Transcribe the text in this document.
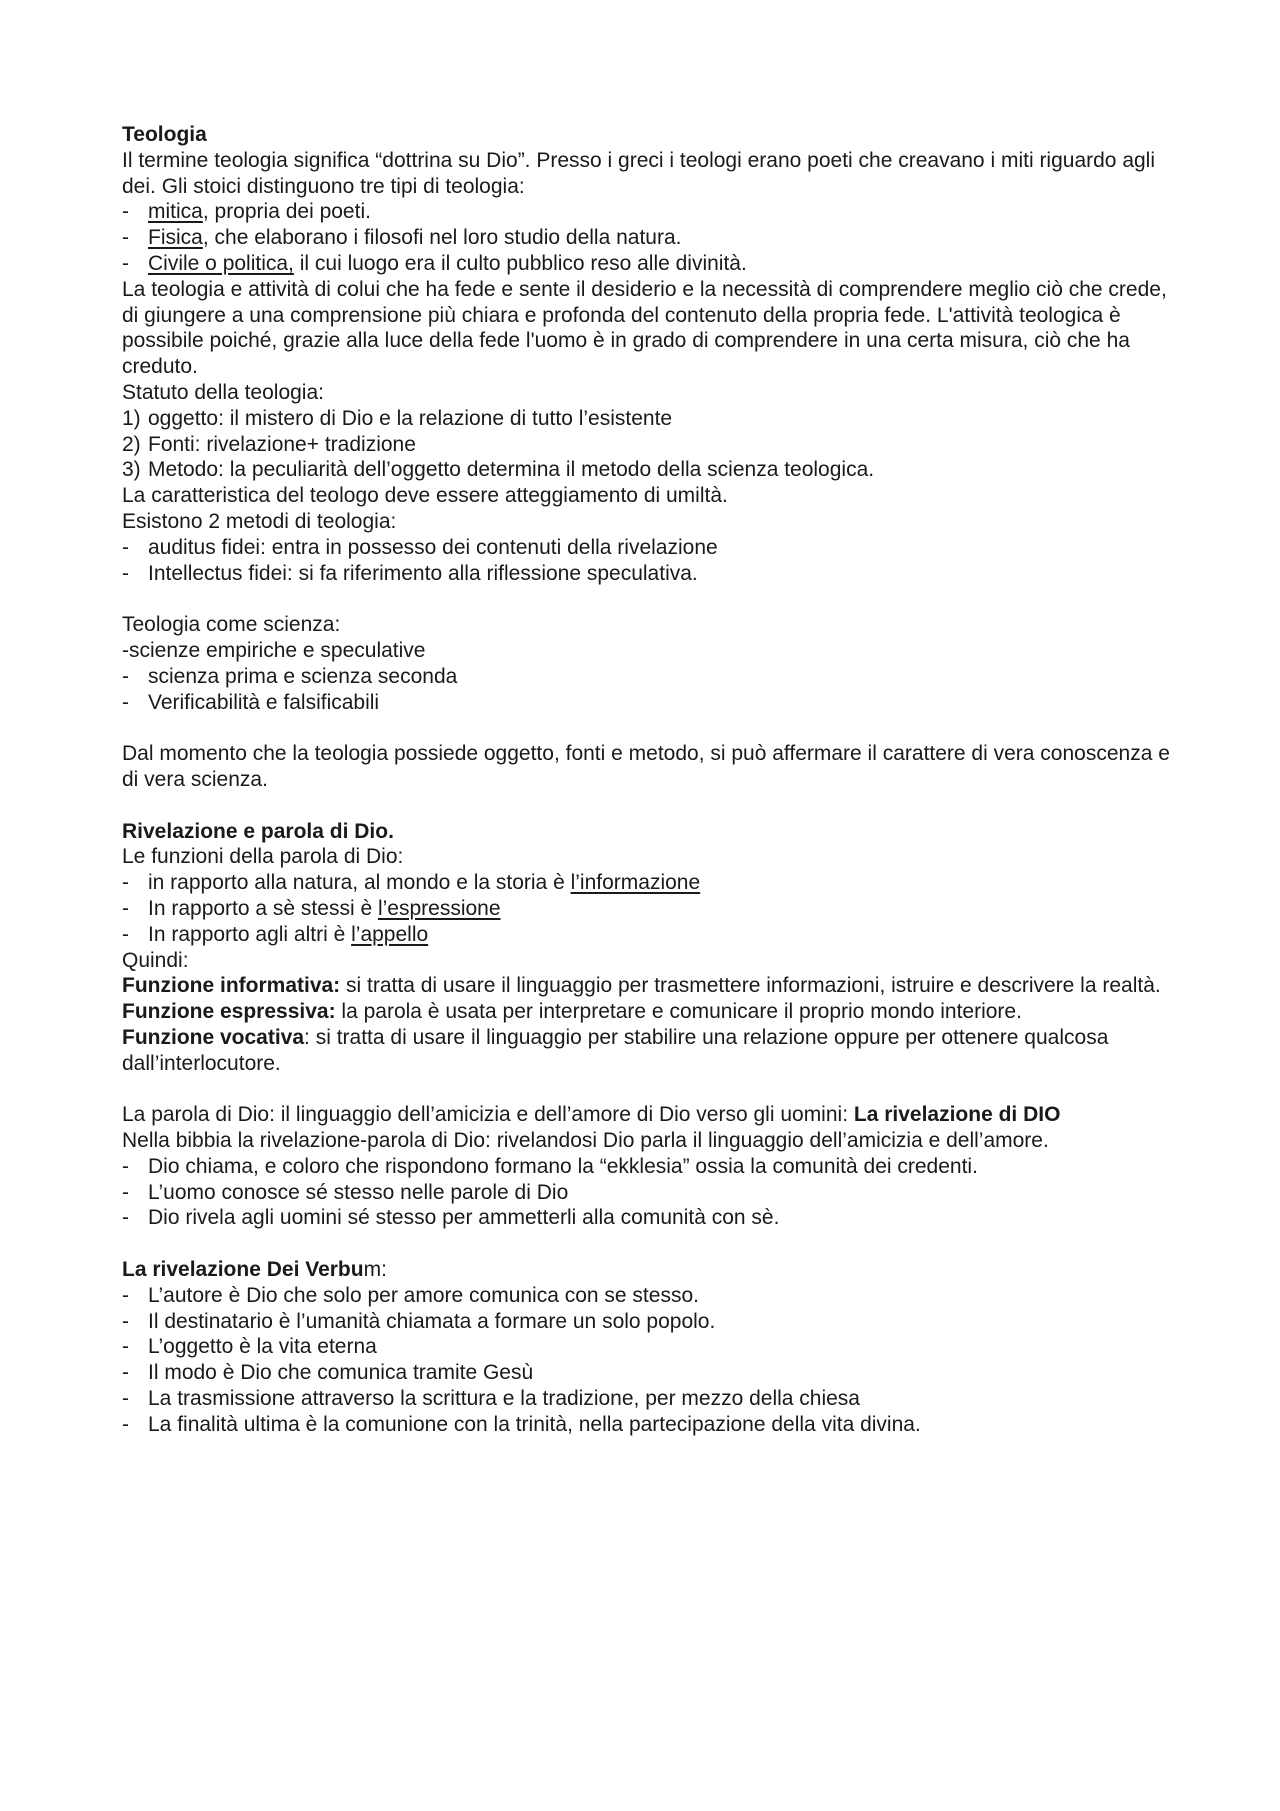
Teologia

Il termine teologia significa “dottrina su Dio”. Presso i greci i teologi erano poeti che creavano i miti riguardo agli dei. Gli stoici distinguono tre tipi di teologia:

- mitica, propria dei poeti.

- Fisica, che elaborano i filosofi nel loro studio della natura.

- Civile o politica, il cui luogo era il culto pubblico reso alle divinità.

La teologia e attività di colui che ha fede e sente il desiderio e la necessità di comprendere meglio ciò che crede, di giungere a una comprensione più chiara e profonda del contenuto della propria fede. L'attività teologica è possibile poiché, grazie alla luce della fede l'uomo è in grado di comprendere in una certa misura, ciò che ha creduto.

Statuto della teologia:

1) oggetto: il mistero di Dio e la relazione di tutto l’esistente

2) Fonti: rivelazione+ tradizione

3) Metodo: la peculiarità dell’oggetto determina il metodo della scienza teologica.

La caratteristica del teologo deve essere atteggiamento di umiltà.

Esistono 2 metodi di teologia:

- auditus fidei: entra in possesso dei contenuti della rivelazione

- Intellectus fidei: si fa riferimento alla riflessione speculativa.

Teologia come scienza:

-scienze empiriche e speculative

- scienza prima e scienza seconda

- Verificabilità e falsificabili

Dal momento che la teologia possiede oggetto, fonti e metodo, si può affermare il carattere di vera conoscenza e di vera scienza.

Rivelazione e parola di Dio.

Le funzioni della parola di Dio:

- in rapporto alla natura, al mondo e la storia è l’informazione

- In rapporto a sè stessi è l’espressione

- In rapporto agli altri è l’appello

Quindi:

Funzione informativa: si tratta di usare il linguaggio per trasmettere informazioni, istruire e descrivere la realtà.

Funzione espressiva: la parola è usata per interpretare e comunicare il proprio mondo interiore.

Funzione vocativa: si tratta di usare il linguaggio per stabilire una relazione oppure per ottenere qualcosa dall’interlocutore.

La parola di Dio: il linguaggio dell’amicizia e dell’amore di Dio verso gli uomini: La rivelazione di DIO

Nella bibbia la rivelazione-parola di Dio: rivelandosi Dio parla il linguaggio dell’amicizia e dell’amore.

- Dio chiama, e coloro che rispondono formano la “ekklesia” ossia la comunità dei credenti.

- L’uomo conosce sé stesso nelle parole di Dio

- Dio rivela agli uomini sé stesso per ammetterli alla comunità con sè.

La rivelazione Dei Verbum:

- L’autore è Dio che solo per amore comunica con se stesso.

- Il destinatario è l’umanità chiamata a formare un solo popolo.

- L’oggetto è la vita eterna

- Il modo è Dio che comunica tramite Gesù

- La trasmissione attraverso la scrittura e la tradizione, per mezzo della chiesa

- La finalità ultima è la comunione con la trinità, nella partecipazione della vita divina.
